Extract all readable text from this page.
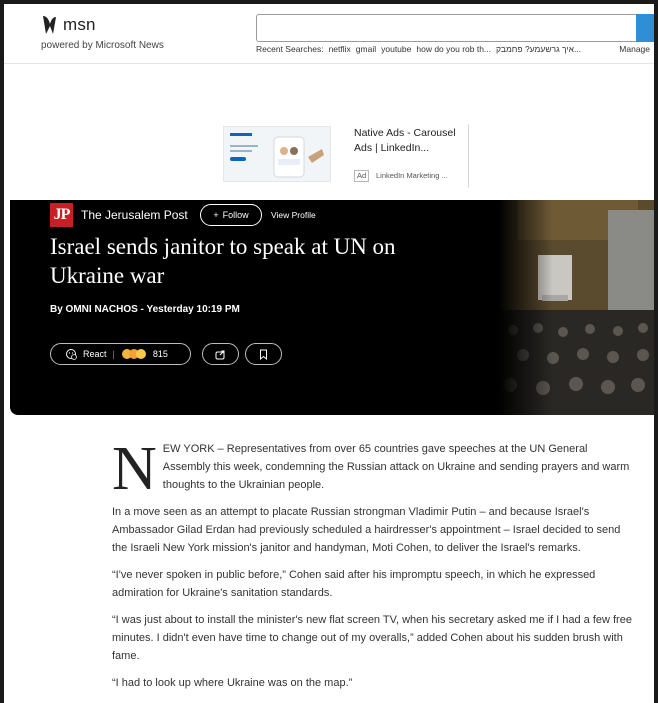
msn
powered by Microsoft News	Recent Searches: netflix gmail youtube how do you rob th... איך גרשעמע? פחמבק...	Manage
Native Ads - Carousel Ads | LinkedIn...
Ad	LinkedIn Marketing ...
JP The Jerusalem Post	+ Follow	View Profile
Israel sends janitor to speak at UN on Ukraine war
By OMNI NACHOS - Yesterday 10:19 PM
React |	815

N EW YORK – Representatives from over 65 countries gave speeches at the UN General Assembly this week, condemning the Russian attack on Ukraine and sending prayers and warm thoughts to the Ukrainian people.

In a move seen as an attempt to placate Russian strongman Vladimir Putin – and because Israel's Ambassador Gilad Erdan had previously scheduled a hairdresser's appointment – Israel decided to send the Israeli New York mission's janitor and handyman, Moti Cohen, to deliver the Israel's remarks.

“I've never spoken in public before,” Cohen said after his impromptu speech, in which he expressed admiration for Ukraine's sanitation standards.

“I was just about to install the minister's new flat screen TV, when his secretary asked me if I had a few free minutes. I didn't even have time to change out of my overalls,” added Cohen about his sudden brush with fame.

“I had to look up where Ukraine was on the map.”
